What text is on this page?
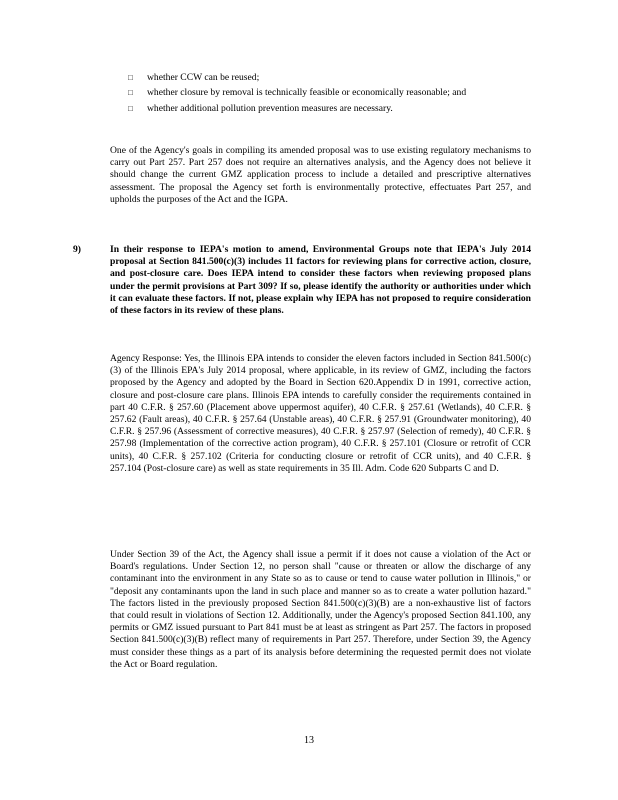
□ whether CCW can be reused;
□ whether closure by removal is technically feasible or economically reasonable; and
□ whether additional pollution prevention measures are necessary.
One of the Agency's goals in compiling its amended proposal was to use existing regulatory mechanisms to carry out Part 257. Part 257 does not require an alternatives analysis, and the Agency does not believe it should change the current GMZ application process to include a detailed and prescriptive alternatives assessment. The proposal the Agency set forth is environmentally protective, effectuates Part 257, and upholds the purposes of the Act and the IGPA.
9)	In their response to IEPA's motion to amend, Environmental Groups note that IEPA's July 2014 proposal at Section 841.500(c)(3) includes 11 factors for reviewing plans for corrective action, closure, and post-closure care. Does IEPA intend to consider these factors when reviewing proposed plans under the permit provisions at Part 309? If so, please identify the authority or authorities under which it can evaluate these factors. If not, please explain why IEPA has not proposed to require consideration of these factors in its review of these plans.
Agency Response: Yes, the Illinois EPA intends to consider the eleven factors included in Section 841.500(c)(3) of the Illinois EPA's July 2014 proposal, where applicable, in its review of GMZ, including the factors proposed by the Agency and adopted by the Board in Section 620.Appendix D in 1991, corrective action, closure and post-closure care plans. Illinois EPA intends to carefully consider the requirements contained in part 40 C.F.R. § 257.60 (Placement above uppermost aquifer), 40 C.F.R. § 257.61 (Wetlands), 40 C.F.R. § 257.62 (Fault areas), 40 C.F.R. § 257.64 (Unstable areas), 40 C.F.R. § 257.91 (Groundwater monitoring), 40 C.F.R. § 257.96 (Assessment of corrective measures), 40 C.F.R. § 257.97 (Selection of remedy), 40 C.F.R. § 257.98 (Implementation of the corrective action program), 40 C.F.R. § 257.101 (Closure or retrofit of CCR units), 40 C.F.R. § 257.102 (Criteria for conducting closure or retrofit of CCR units), and 40 C.F.R. § 257.104 (Post-closure care) as well as state requirements in 35 Ill. Adm. Code 620 Subparts C and D.
Under Section 39 of the Act, the Agency shall issue a permit if it does not cause a violation of the Act or Board's regulations. Under Section 12, no person shall "cause or threaten or allow the discharge of any contaminant into the environment in any State so as to cause or tend to cause water pollution in Illinois," or "deposit any contaminants upon the land in such place and manner so as to create a water pollution hazard." The factors listed in the previously proposed Section 841.500(c)(3)(B) are a non-exhaustive list of factors that could result in violations of Section 12. Additionally, under the Agency's proposed Section 841.100, any permits or GMZ issued pursuant to Part 841 must be at least as stringent as Part 257. The factors in proposed Section 841.500(c)(3)(B) reflect many of requirements in Part 257. Therefore, under Section 39, the Agency must consider these things as a part of its analysis before determining the requested permit does not violate the Act or Board regulation.
13
